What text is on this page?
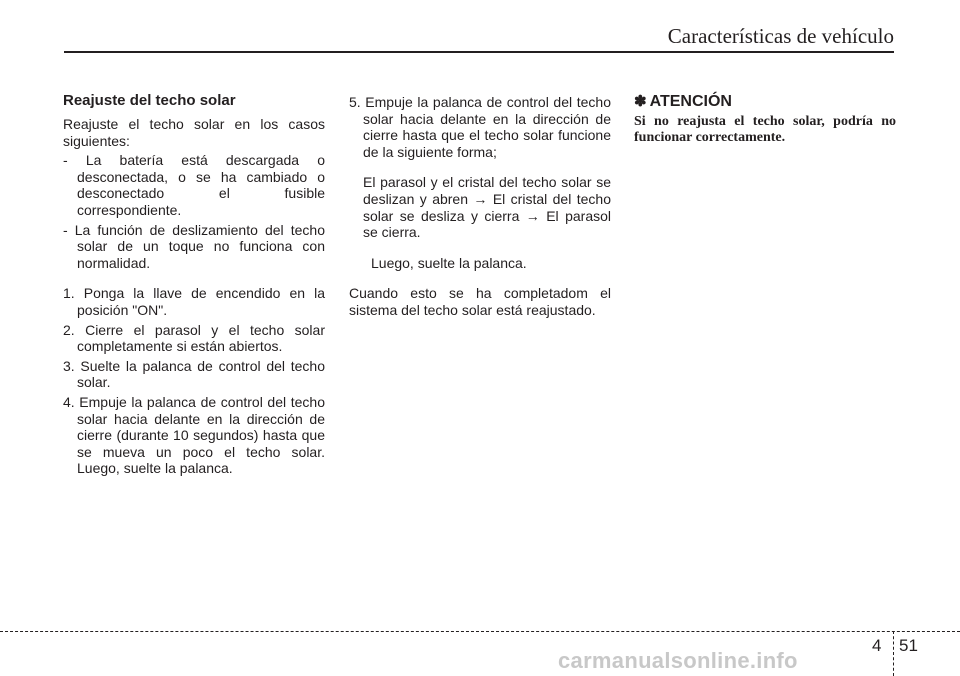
Características de vehículo
Reajuste del techo solar

Reajuste el techo solar en los casos siguientes:

- La batería está descargada o desconectada, o se ha cambiado o desconectado el fusible correspondiente.
- La función de deslizamiento del techo solar de un toque no funciona con normalidad.
1. Ponga la llave de encendido en la posición "ON".
2. Cierre el parasol y el techo solar completamente si están abiertos.
3. Suelte la palanca de control del techo solar.
4. Empuje la palanca de control del techo solar hacia delante en la dirección de cierre (durante 10 segundos) hasta que se mueva un poco el techo solar. Luego, suelte la palanca.
5. Empuje la palanca de control del techo solar hacia delante en la dirección de cierre hasta que el techo solar funcione de la siguiente forma;
El parasol y el cristal del techo solar se deslizan y abren → El cristal del techo solar se desliza y cierra → El parasol se cierra.
Luego, suelte la palanca.

Cuando esto se ha completadom el sistema del techo solar está reajustado.

✽ ATENCIÓN
Si no reajusta el techo solar, podría no funcionar correctamente.
4 51
carmanualsonline.info
